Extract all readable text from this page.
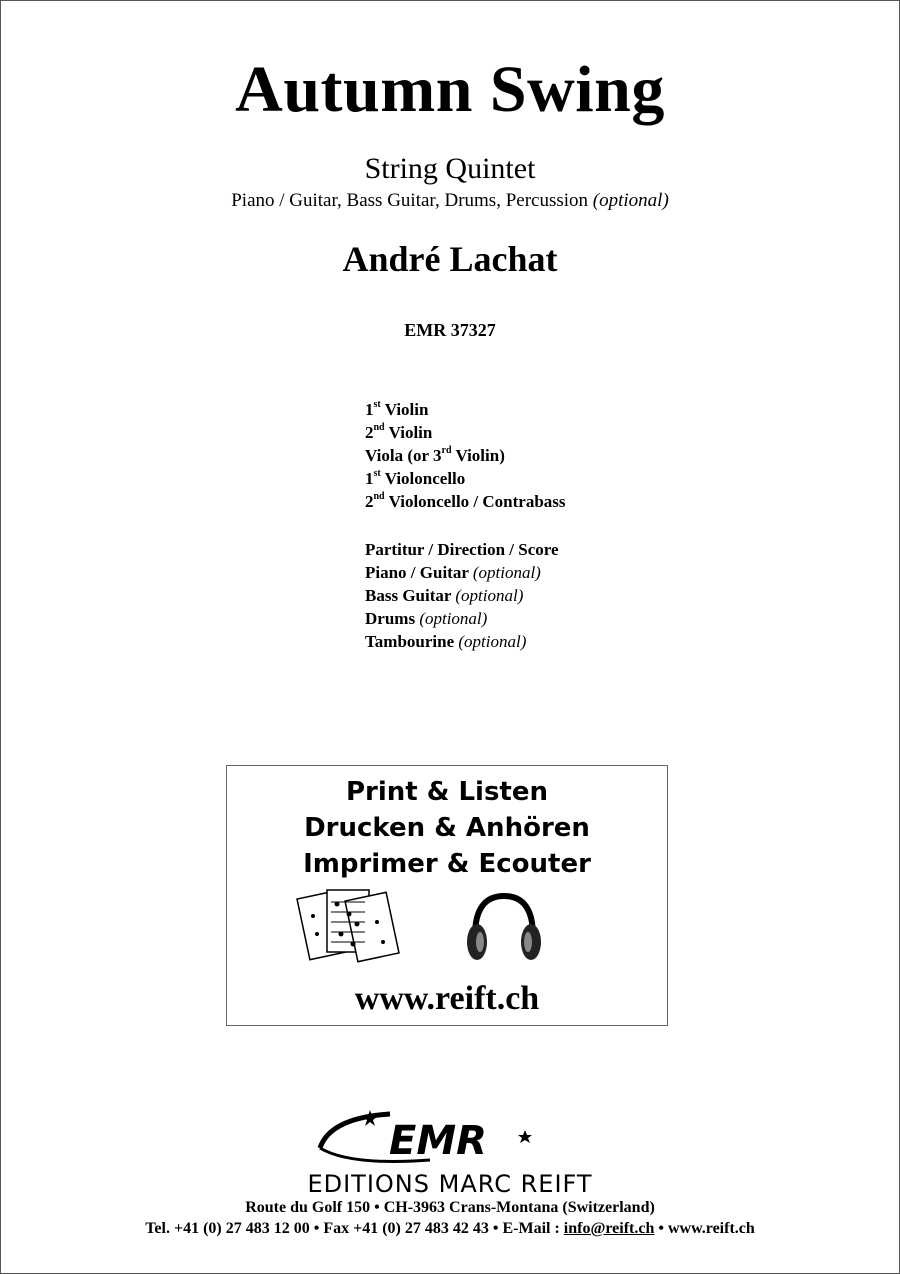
Autumn Swing
String Quintet
Piano / Guitar, Bass Guitar, Drums, Percussion (optional)
André Lachat
EMR 37327
1st Violin
2nd Violin
Viola (or 3rd Violin)
1st Violoncello
2nd Violoncello / Contrabass
Partitur / Direction / Score
Piano / Guitar (optional)
Bass Guitar (optional)
Drums (optional)
Tambourine (optional)
Print & Listen
Drucken & Anhören
Imprimer & Ecouter
www.reift.ch
EMR
EDITIONS MARC REIFT
Route du Golf 150 • CH-3963 Crans-Montana (Switzerland)
Tel. +41 (0) 27 483 12 00 • Fax +41 (0) 27 483 42 43 • E-Mail : info@reift.ch • www.reift.ch
